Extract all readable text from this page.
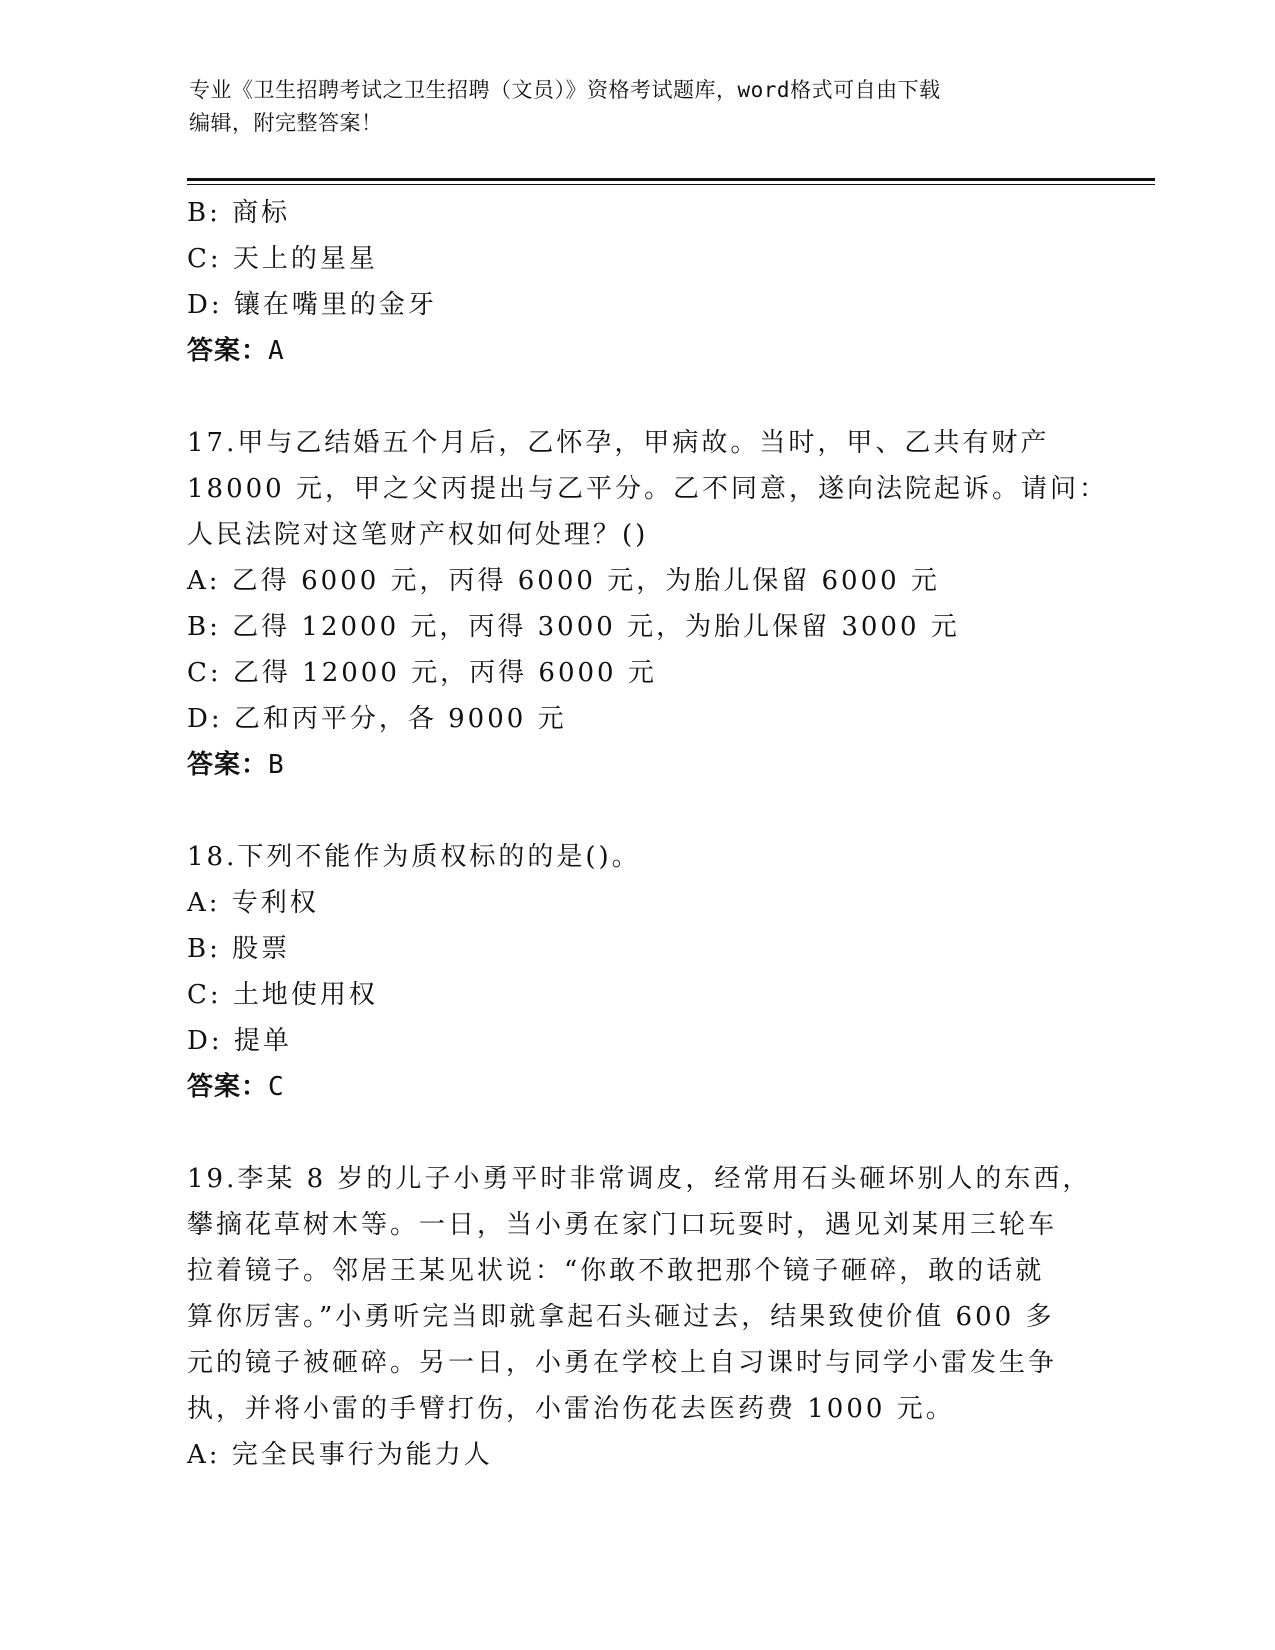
专业《卫生招聘考试之卫生招聘（文员）》资格考试题库，word格式可自由下载
编辑，附完整答案！
B: 商标
C: 天上的星星
D: 镶在嘴里的金牙
答案：A
17.甲与乙结婚五个月后，乙怀孕，甲病故。当时，甲、乙共有财产
18000 元，甲之父丙提出与乙平分。乙不同意，遂向法院起诉。请问：
人民法院对这笔财产权如何处理？()
A: 乙得 6000 元，丙得 6000 元，为胎儿保留 6000 元
B: 乙得 12000 元，丙得 3000 元，为胎儿保留 3000 元
C: 乙得 12000 元，丙得 6000 元
D: 乙和丙平分，各 9000 元
答案：B
18.下列不能作为质权标的的是()。
A: 专利权
B: 股票
C: 土地使用权
D: 提单
答案：C
19.李某 8 岁的儿子小勇平时非常调皮，经常用石头砸坏别人的东西，
攀摘花草树木等。一日，当小勇在家门口玩耍时，遇见刘某用三轮车
拉着镜子。邻居王某见状说：“你敢不敢把那个镜子砸碎，敢的话就
算你厉害。”小勇听完当即就拿起石头砸过去，结果致使价值 600 多
元的镜子被砸碎。另一日，小勇在学校上自习课时与同学小雷发生争
执，并将小雷的手臂打伤，小雷治伤花去医药费 1000 元。
A: 完全民事行为能力人
